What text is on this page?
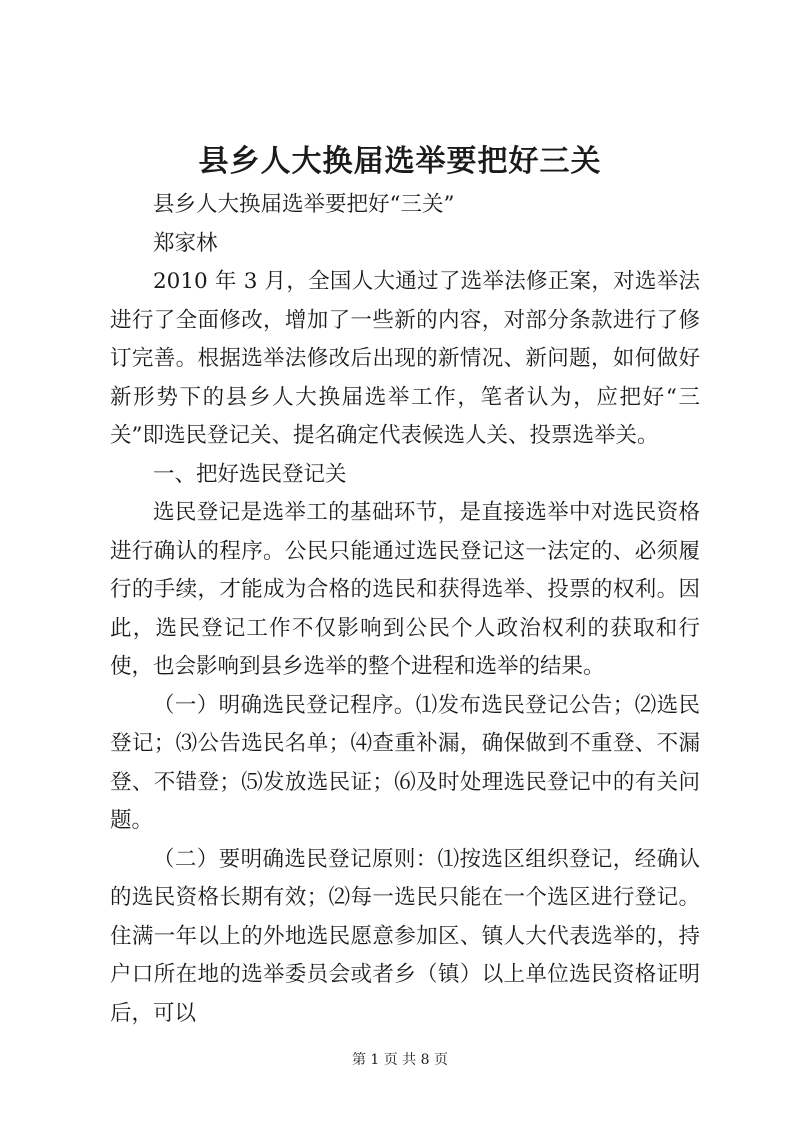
县乡人大换届选举要把好三关

县乡人大换届选举要把好“三关”

郑家林

2010 年 3 月，全国人大通过了选举法修正案，对选举法进行了全面修改，增加了一些新的内容，对部分条款进行了修订完善。根据选举法修改后出现的新情况、新问题，如何做好新形势下的县乡人大换届选举工作，笔者认为，应把好“三关”即选民登记关、提名确定代表候选人关、投票选举关。

一、把好选民登记关

选民登记是选举工的基础环节，是直接选举中对选民资格进行确认的程序。公民只能通过选民登记这一法定的、必须履行的手续，才能成为合格的选民和获得选举、投票的权利。因此，选民登记工作不仅影响到公民个人政治权利的获取和行使，也会影响到县乡选举的整个进程和选举的结果。

（一）明确选民登记程序。⑴发布选民登记公告；⑵选民登记；⑶公告选民名单；⑷查重补漏，确保做到不重登、不漏登、不错登；⑸发放选民证；⑹及时处理选民登记中的有关问题。

（二）要明确选民登记原则：⑴按选区组织登记，经确认的选民资格长期有效；⑵每一选民只能在一个选区进行登记。住满一年以上的外地选民愿意参加区、镇人大代表选举的，持户口所在地的选举委员会或者乡（镇）以上单位选民资格证明后，可以

第 1 页 共 8 页
